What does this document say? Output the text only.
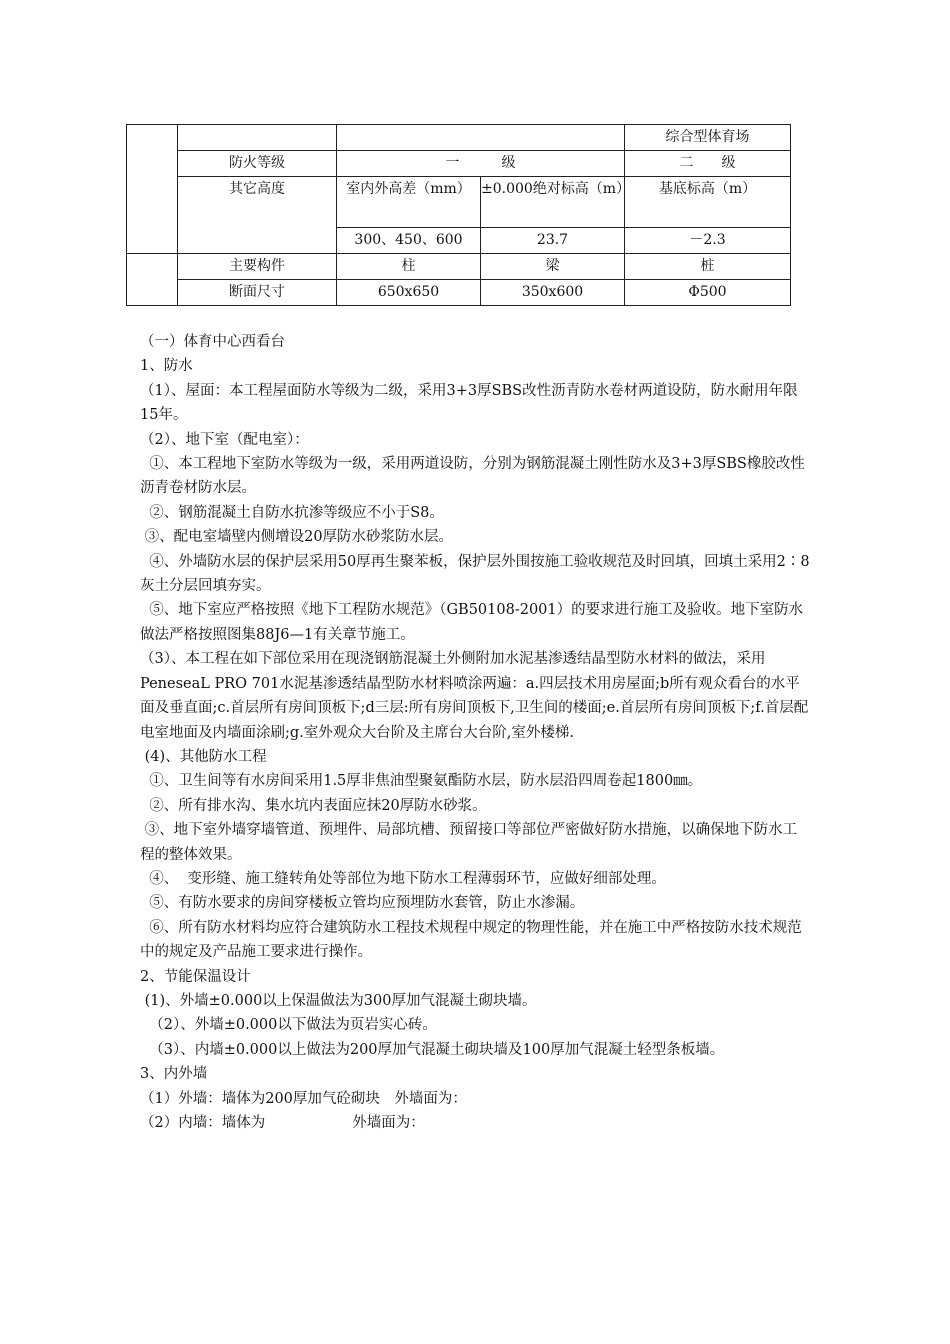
				综合型体育场
	防火等级	一　　　级		二　　级
	其它高度	室内外高差（mm）	±0.000绝对标高（m）	基底标高（m）
		300、450、600	23.7	－2.3
	主要构件	柱	梁	桩
	断面尺寸	650x650	350x600	Φ500

（一）体育中心西看台

1、防水

（1）、屋面：本工程屋面防水等级为二级，采用3+3厚SBS改性沥青防水卷材两道设防，防水耐用年限15年。

（2）、地下室（配电室）：

①、本工程地下室防水等级为一级，采用两道设防，分别为钢筋混凝土刚性防水及3+3厚SBS橡胶改性沥青卷材防水层。

②、钢筋混凝土自防水抗渗等级应不小于S8。

③、配电室墙壁内侧增设20厚防水砂浆防水层。

④、外墙防水层的保护层采用50厚再生聚苯板，保护层外围按施工验收规范及时回填，回填土采用2∶8灰土分层回填夯实。

⑤、地下室应严格按照《地下工程防水规范》（GB50108-2001）的要求进行施工及验收。地下室防水做法严格按照图集88J6—1有关章节施工。

（3）、本工程在如下部位采用在现浇钢筋混凝土外侧附加水泥基渗透结晶型防水材料的做法，采用PeneseaL PRO 701水泥基渗透结晶型防水材料喷涂两遍：a.四层技术用房屋面;b所有观众看台的水平面及垂直面;c.首层所有房间顶板下;d三层:所有房间顶板下,卫生间的楼面;e.首层所有房间顶板下;f.首层配电室地面及内墙面涂刷;g.室外观众大台阶及主席台大台阶,室外楼梯.

(4)、其他防水工程

①、卫生间等有水房间采用1.5厚非焦油型聚氨酯防水层，防水层沿四周卷起1800㎜。

②、所有排水沟、集水坑内表面应抹20厚防水砂浆。

③、地下室外墙穿墙管道、预埋件、局部坑槽、预留接口等部位严密做好防水措施，以确保地下防水工程的整体效果。

④、  变形缝、施工缝转角处等部位为地下防水工程薄弱环节，应做好细部处理。

⑤、有防水要求的房间穿楼板立管均应预埋防水套管，防止水渗漏。

⑥、所有防水材料均应符合建筑防水工程技术规程中规定的物理性能，并在施工中严格按防水技术规范中的规定及产品施工要求进行操作。

2、节能保温设计

(1)、外墙±0.000以上保温做法为300厚加气混凝土砌块墙。

（2）、外墙±0.000以下做法为页岩实心砖。

（3）、内墙±0.000以上做法为200厚加气混凝土砌块墙及100厚加气混凝土轻型条板墙。

3、内外墙

（1）外墙：墙体为200厚加气砼砌块　外墙面为：

（2）内墙：墙体为　　　　　　外墙面为：
